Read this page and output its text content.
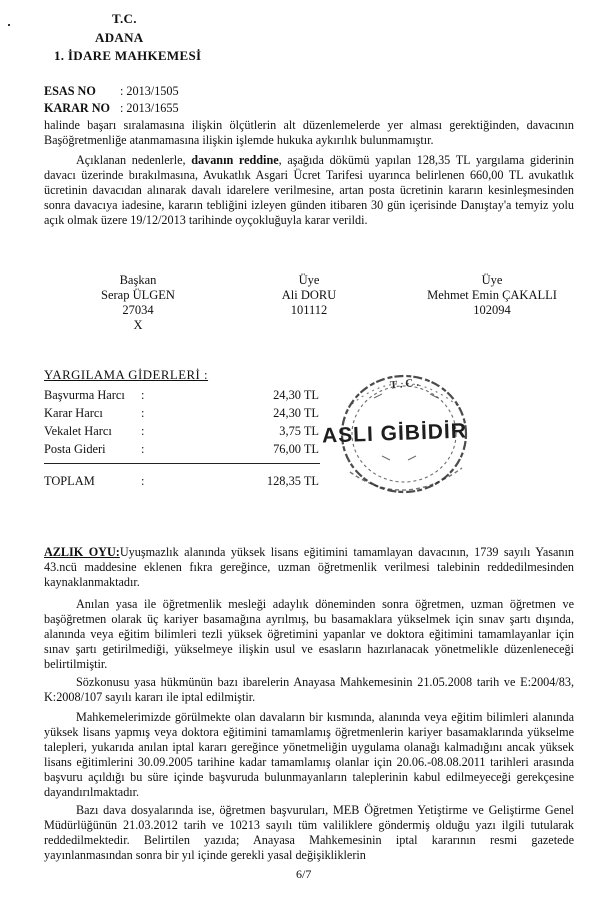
T.C.
ADANA
1. İDARE MAHKEMESİ
ESAS NO : 2013/1505
KARAR NO : 2013/1655

halinde başarı sıralamasına ilişkin ölçütlerin alt düzenlemelerde yer alması gerektiğinden, davacının Başöğretmenliğe atanmamasına ilişkin işlemde hukuka aykırılık bulunmamıştır.

Açıklanan nedenlerle, davanın reddine, aşağıda dökümü yapılan 128,35 TL yargılama giderinin davacı üzerinde bırakılmasına, Avukatlık Asgari Ücret Tarifesi uyarınca belirlenen 660,00 TL avukatlık ücretinin davacıdan alınarak davalı idarelere verilmesine, artan posta ücretinin kararın kesinleşmesinden sonra davacıya iadesine, kararın tebliğini izleyen günden itibaren 30 gün içerisinde Danıştay'a temyiz yolu açık olmak üzere 19/12/2013 tarihinde oyçokluğuyla karar verildi.

Başkan
Serap ÜLGEN
27034
X
Üye
Ali DORU
101112
Üye
Mehmet Emin ÇAKALLI
102094
YARGILAMA GİDERLERİ :
Başvurma Harcı :	24,30 TL
Karar Harcı	:	24,30 TL
Vekalet Harcı :	3,75 TL
Posta Gideri	:	76,00 TL
TOPLAM	:	128,35 TL
T.C.
ASLI GİBİDİR

AZLIK OYU:Uyuşmazlık alanında yüksek lisans eğitimini tamamlayan davacının, 1739 sayılı Yasanın 43.ncü maddesine eklenen fıkra gereğince, uzman öğretmenlik verilmesi talebinin reddedilmesinden kaynaklanmaktadır.

Anılan yasa ile öğretmenlik mesleği adaylık döneminden sonra öğretmen, uzman öğretmen ve başöğretmen olarak üç kariyer basamağına ayrılmış, bu basamaklara yükselmek için sınav şartı dışında, alanında veya eğitim bilimleri tezli yüksek öğretimini yapanlar ve doktora eğitimini tamamlayanlar için sınav şartı getirilmediği, yükselmeye ilişkin usul ve esasların hazırlanacak yönetmelikle düzenleneceği belirtilmiştir.

Sözkonusu yasa hükmünün bazı ibarelerin Anayasa Mahkemesinin 21.05.2008 tarih ve E:2004/83, K:2008/107 sayılı kararı ile iptal edilmiştir.

Mahkemelerimizde görülmekte olan davaların bir kısmında, alanında veya eğitim bilimleri alanında yüksek lisans yapmış veya doktora eğitimini tamamlamış öğretmenlerin kariyer basamaklarında yükselme talepleri, yukarıda anılan iptal kararı gereğince yönetmeliğin uygulama olanağı kalmadığını ancak yüksek lisans eğitimlerini 30.09.2005 tarihine kadar tamamlamış olanlar için 20.06.-08.08.2011 tarihleri arasında başvuru açıldığı bu süre içinde başvuruda bulunmayanların taleplerinin kabul edilmeyeceği gerekçesine dayandırılmaktadır.

Bazı dava dosyalarında ise, öğretmen başvuruları, MEB Öğretmen Yetiştirme ve Geliştirme Genel Müdürlüğünün 21.03.2012 tarih ve 10213 sayılı tüm valiliklere göndermiş olduğu yazı ilgili tutularak reddedilmektedir. Belirtilen yazıda; Anayasa Mahkemesinin iptal kararının resmi gazetede yayınlanmasından sonra bir yıl içinde gerekli yasal değişikliklerin

6/7
